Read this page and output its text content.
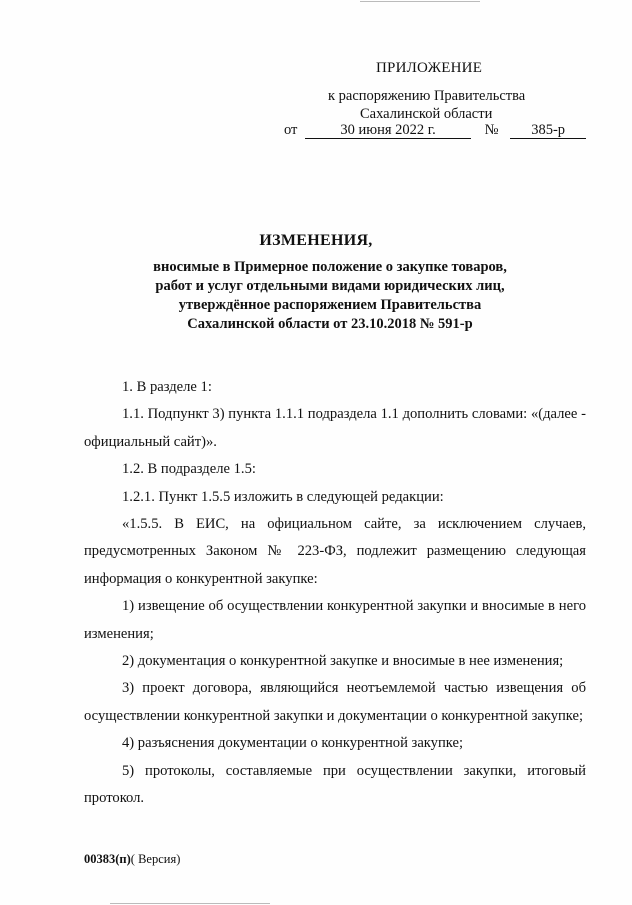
ПРИЛОЖЕНИЕ
к распоряжению Правительства
Сахалинской области
от	30 июня 2022 г.	№ 385-р
ИЗМЕНЕНИЯ,
вносимые в Примерное положение о закупке товаров,
работ и услуг отдельными видами юридических лиц,
утверждённое распоряжением Правительства
Сахалинской области от 23.10.2018 № 591-р

1. В разделе 1:

1.1. Подпункт 3) пункта 1.1.1 подраздела 1.1 дополнить словами: «(далее - официальный сайт)».

1.2. В подразделе 1.5:

1.2.1. Пункт 1.5.5 изложить в следующей редакции:

«1.5.5. В ЕИС, на официальном сайте, за исключением случаев, предусмотренных Законом № 223-ФЗ, подлежит размещению следующая информация о конкурентной закупке:

1) извещение об осуществлении конкурентной закупки и вносимые в него изменения;

2) документация о конкурентной закупке и вносимые в нее изменения;

3) проект договора, являющийся неотъемлемой частью извещения об осуществлении конкурентной закупки и документации о конкурентной закупке;

4) разъяснения документации о конкурентной закупке;

5) протоколы, составляемые при осуществлении закупки, итоговый протокол.

00383(п)( Версия)
